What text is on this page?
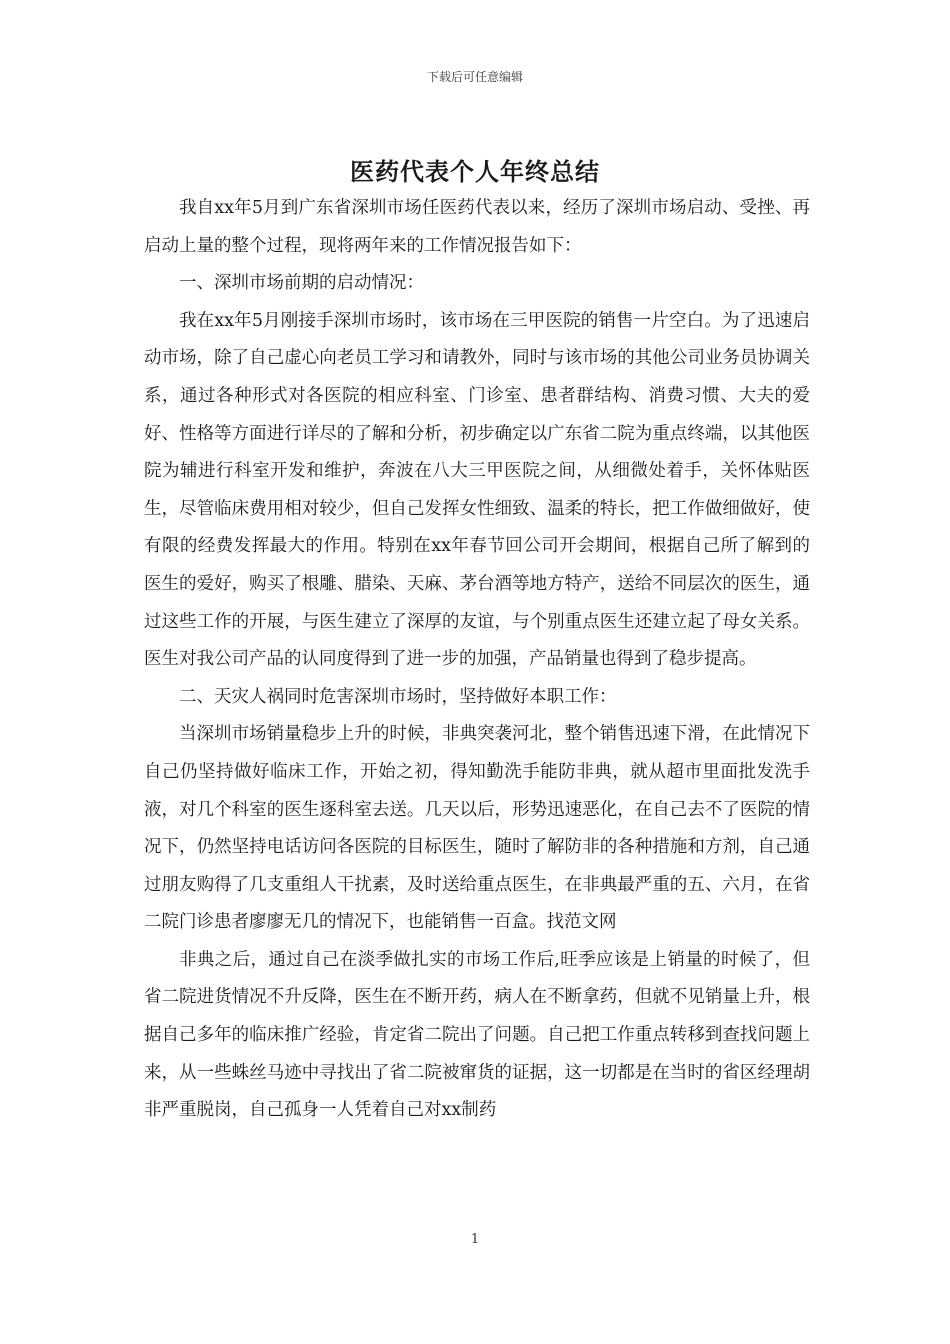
下载后可任意编辑
医药代表个人年终总结

我自xx年5月到广东省深圳市场任医药代表以来，经历了深圳市场启动、受挫、再启动上量的整个过程，现将两年来的工作情况报告如下：

一、深圳市场前期的启动情况：

我在xx年5月刚接手深圳市场时，该市场在三甲医院的销售一片空白。为了迅速启动市场，除了自己虚心向老员工学习和请教外，同时与该市场的其他公司业务员协调关系，通过各种形式对各医院的相应科室、门诊室、患者群结构、消费习惯、大夫的爱好、性格等方面进行详尽的了解和分析，初步确定以广东省二院为重点终端，以其他医院为辅进行科室开发和维护，奔波在八大三甲医院之间，从细微处着手，关怀体贴医生，尽管临床费用相对较少，但自己发挥女性细致、温柔的特长，把工作做细做好，使有限的经费发挥最大的作用。特别在xx年春节回公司开会期间，根据自己所了解到的医生的爱好，购买了根雕、腊染、天麻、茅台酒等地方特产，送给不同层次的医生，通过这些工作的开展，与医生建立了深厚的友谊，与个别重点医生还建立起了母女关系。医生对我公司产品的认同度得到了进一步的加强，产品销量也得到了稳步提高。

二、天灾人祸同时危害深圳市场时，坚持做好本职工作：

当深圳市场销量稳步上升的时候，非典突袭河北，整个销售迅速下滑，在此情况下自己仍坚持做好临床工作，开始之初，得知勤洗手能防非典，就从超市里面批发洗手液，对几个科室的医生逐科室去送。几天以后，形势迅速恶化，在自己去不了医院的情况下，仍然坚持电话访问各医院的目标医生，随时了解防非的各种措施和方剂，自己通过朋友购得了几支重组人干扰素，及时送给重点医生，在非典最严重的五、六月，在省二院门诊患者廖廖无几的情况下，也能销售一百盒。找范文网

非典之后，通过自己在淡季做扎实的市场工作后,旺季应该是上销量的时候了，但省二院进货情况不升反降，医生在不断开药，病人在不断拿药，但就不见销量上升，根据自己多年的临床推广经验，肯定省二院出了问题。自己把工作重点转移到查找问题上来，从一些蛛丝马迹中寻找出了省二院被窜货的证据，这一切都是在当时的省区经理胡非严重脱岗，自己孤身一人凭着自己对xx制药

1
